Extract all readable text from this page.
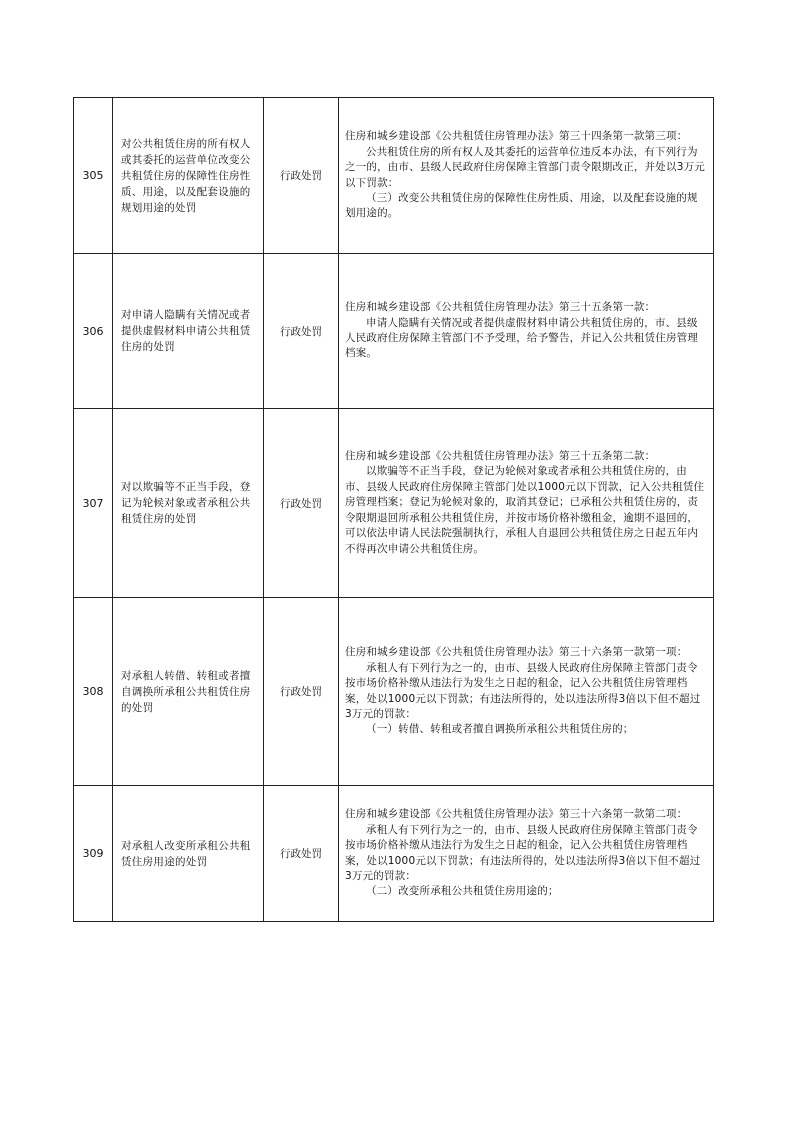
305	对公共租赁住房的所有权人或其委托的运营单位改变公共租赁住房的保障性住房性质、用途，以及配套设施的规划用途的处罚	行政处罚	住房和城乡建设部《公共租赁住房管理办法》第三十四条第一款第三项：

公共租赁住房的所有权人及其委托的运营单位违反本办法，有下列行为之一的，由市、县级人民政府住房保障主管部门责令限期改正，并处以3万元以下罚款：

（三）改变公共租赁住房的保障性住房性质、用途，以及配套设施的规划用途的。

306	对申请人隐瞒有关情况或者提供虚假材料申请公共租赁住房的处罚	行政处罚	住房和城乡建设部《公共租赁住房管理办法》第三十五条第一款：

申请人隐瞒有关情况或者提供虚假材料申请公共租赁住房的，市、县级人民政府住房保障主管部门不予受理，给予警告，并记入公共租赁住房管理档案。

307	对以欺骗等不正当手段，登记为轮候对象或者承租公共租赁住房的处罚	行政处罚	住房和城乡建设部《公共租赁住房管理办法》第三十五条第二款：

以欺骗等不正当手段，登记为轮候对象或者承租公共租赁住房的，由市、县级人民政府住房保障主管部门处以1000元以下罚款，记入公共租赁住房管理档案；登记为轮候对象的，取消其登记；已承租公共租赁住房的，责令限期退回所承租公共租赁住房，并按市场价格补缴租金，逾期不退回的，可以依法申请人民法院强制执行，承租人自退回公共租赁住房之日起五年内不得再次申请公共租赁住房。

308	对承租人转借、转租或者擅自调换所承租公共租赁住房的处罚	行政处罚	住房和城乡建设部《公共租赁住房管理办法》第三十六条第一款第一项：

承租人有下列行为之一的，由市、县级人民政府住房保障主管部门责令按市场价格补缴从违法行为发生之日起的租金，记入公共租赁住房管理档案，处以1000元以下罚款；有违法所得的，处以违法所得3倍以下但不超过3万元的罚款：

（一）转借、转租或者擅自调换所承租公共租赁住房的；

309	对承租人改变所承租公共租赁住房用途的处罚	行政处罚	住房和城乡建设部《公共租赁住房管理办法》第三十六条第一款第二项：

承租人有下列行为之一的，由市、县级人民政府住房保障主管部门责令按市场价格补缴从违法行为发生之日起的租金，记入公共租赁住房管理档案，处以1000元以下罚款；有违法所得的，处以违法所得3倍以下但不超过3万元的罚款：

（二）改变所承租公共租赁住房用途的；
